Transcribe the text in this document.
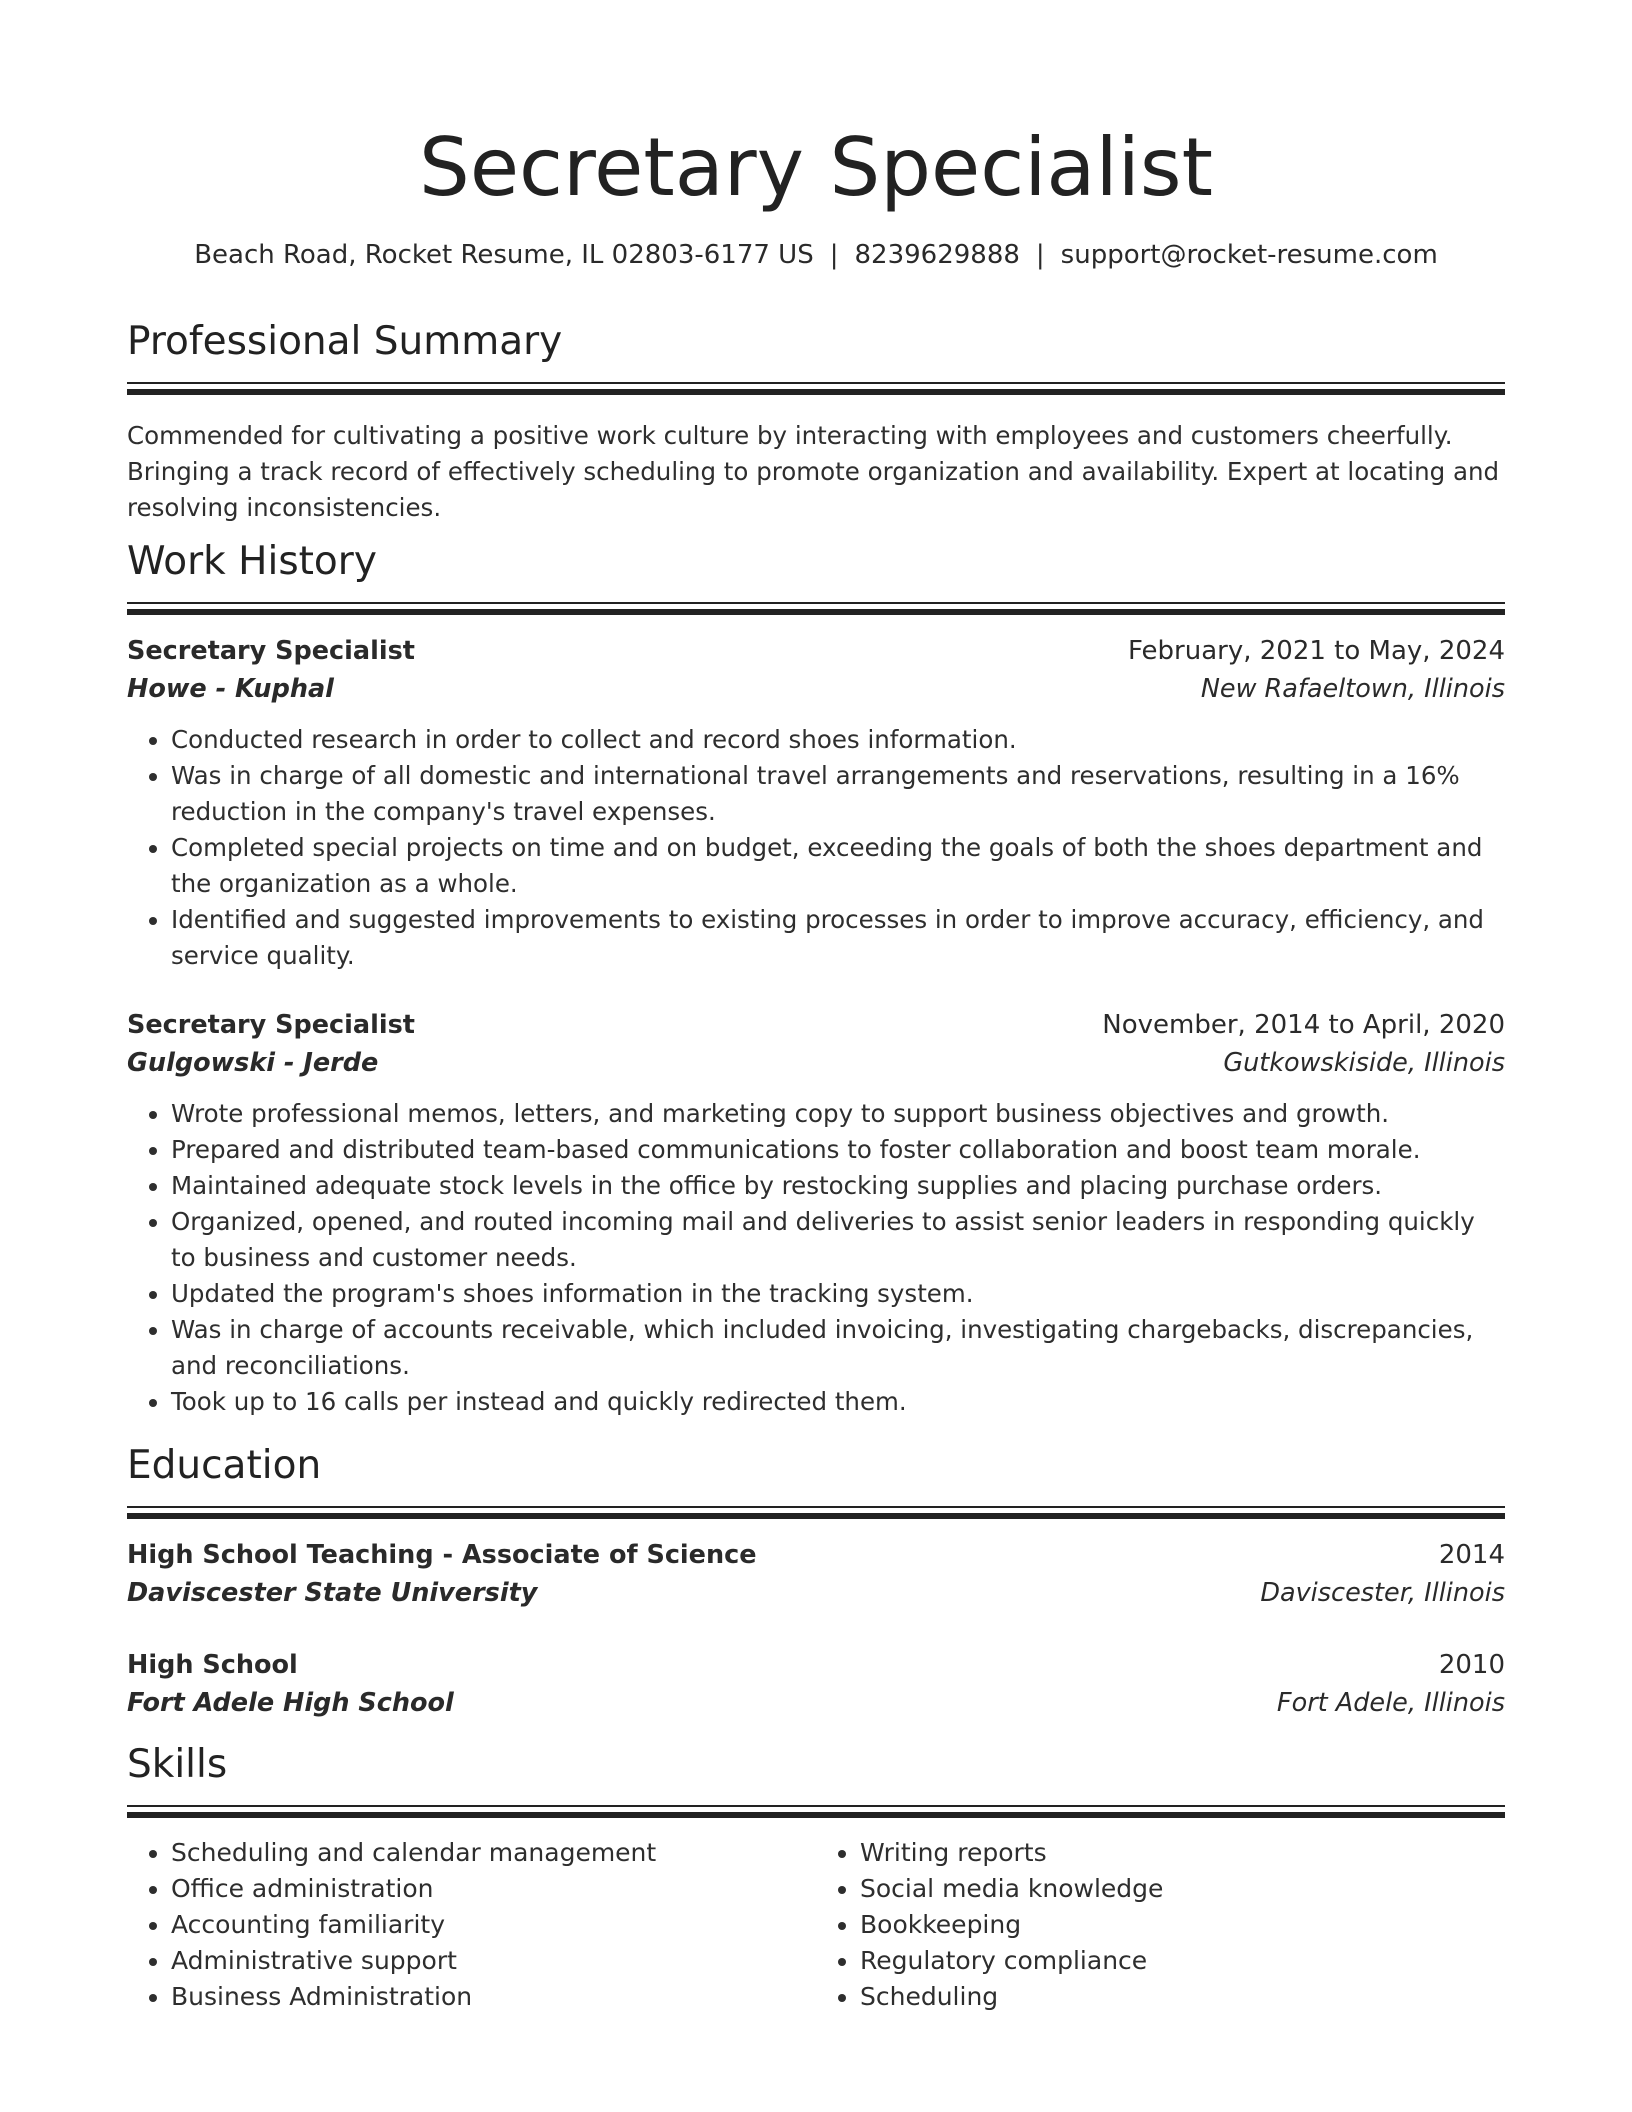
Secretary Specialist
Beach Road, Rocket Resume, IL 02803-6177 US | 8239629888 | support@rocket-resume.com
Professional Summary
Commended for cultivating a positive work culture by interacting with employees and customers cheerfully. Bringing a track record of effectively scheduling to promote organization and availability. Expert at locating and resolving inconsistencies.
Work History
Secretary Specialist	February, 2021 to May, 2024
Howe - Kuphal	New Rafaeltown, Illinois
• Conducted research in order to collect and record shoes information.
• Was in charge of all domestic and international travel arrangements and reservations, resulting in a 16% reduction in the company's travel expenses.
• Completed special projects on time and on budget, exceeding the goals of both the shoes department and the organization as a whole.
• Identified and suggested improvements to existing processes in order to improve accuracy, efficiency, and service quality.
Secretary Specialist	November, 2014 to April, 2020
Gulgowski - Jerde	Gutkowskiside, Illinois
• Wrote professional memos, letters, and marketing copy to support business objectives and growth.
• Prepared and distributed team-based communications to foster collaboration and boost team morale.
• Maintained adequate stock levels in the office by restocking supplies and placing purchase orders.
• Organized, opened, and routed incoming mail and deliveries to assist senior leaders in responding quickly to business and customer needs.
• Updated the program's shoes information in the tracking system.
• Was in charge of accounts receivable, which included invoicing, investigating chargebacks, discrepancies, and reconciliations.
• Took up to 16 calls per instead and quickly redirected them.
Education
High School Teaching - Associate of Science	2014
Daviscester State University	Daviscester, Illinois
High School	2010
Fort Adele High School	Fort Adele, Illinois
Skills
• Scheduling and calendar management
• Office administration
• Accounting familiarity
• Administrative support
• Business Administration
• Writing reports
• Social media knowledge
• Bookkeeping
• Regulatory compliance
• Scheduling
